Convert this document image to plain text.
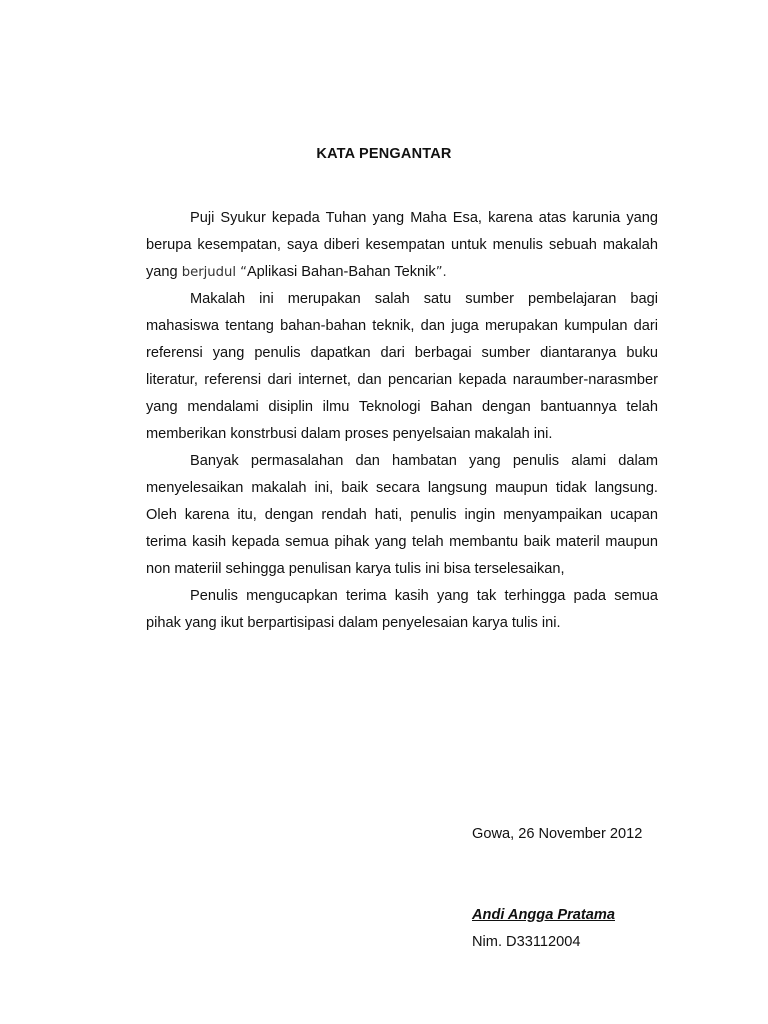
KATA PENGANTAR

Puji Syukur kepada Tuhan yang Maha Esa, karena atas karunia yang berupa kesempatan, saya diberi kesempatan untuk menulis sebuah makalah yang berjudul “Aplikasi Bahan-Bahan Teknik”.

Makalah ini merupakan salah satu sumber pembelajaran bagi mahasiswa tentang bahan-bahan teknik, dan juga merupakan kumpulan dari referensi yang penulis dapatkan dari berbagai sumber diantaranya buku literatur, referensi dari internet, dan pencarian kepada naraumber-narasmber yang mendalami disiplin ilmu Teknologi Bahan dengan bantuannya telah memberikan konstrbusi dalam proses penyelsaian makalah ini.

Banyak permasalahan dan hambatan yang penulis alami dalam menyelesaikan makalah ini, baik secara langsung maupun tidak langsung. Oleh karena itu, dengan rendah hati, penulis ingin menyampaikan ucapan terima kasih kepada semua pihak yang telah membantu baik materil maupun non materiil sehingga penulisan karya tulis ini bisa terselesaikan,

Penulis mengucapkan terima kasih yang tak terhingga pada semua pihak yang ikut berpartisipasi dalam penyelesaian karya tulis ini.

Gowa, 26 November 2012
Andi Angga Pratama
Nim. D33112004
